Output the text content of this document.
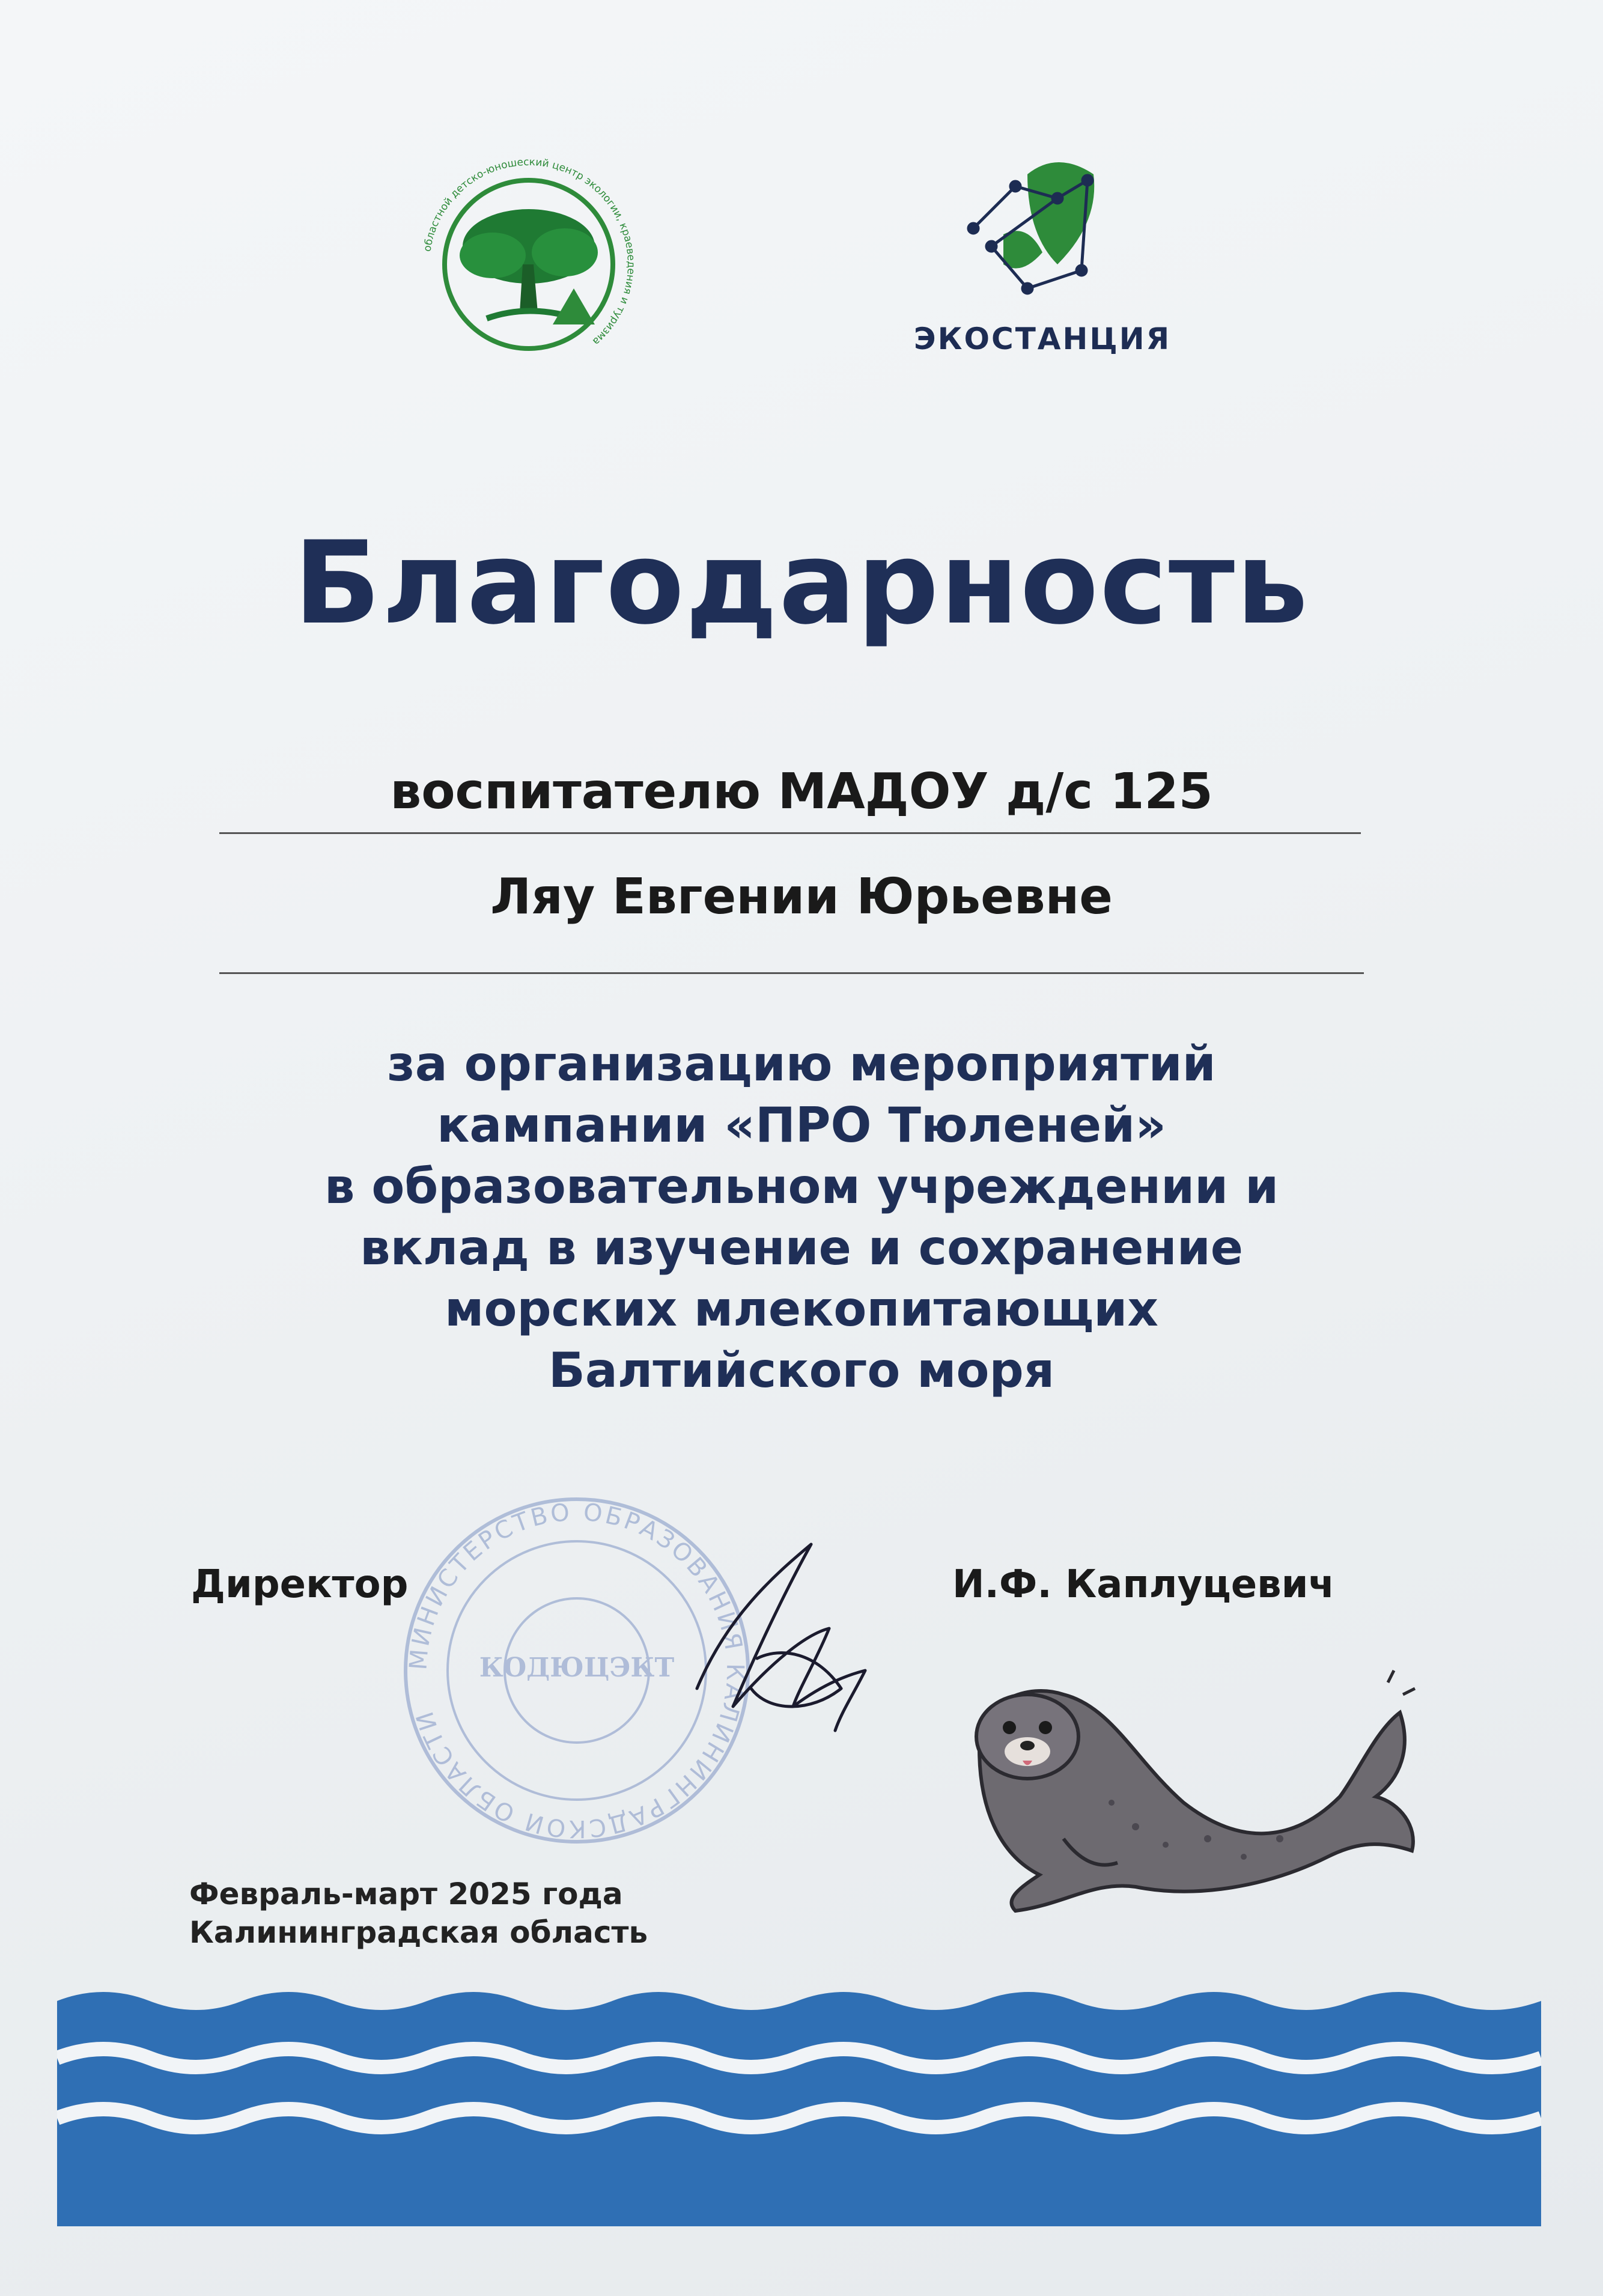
областной детско-юношеский центр экологии, краеведения и туризма	ЭКОСТАНЦИЯ
Благодарность
воспитателю МАДОУ д/с 125
Ляу Евгении Юрьевне
за организацию мероприятий
кампании «ПРО Тюленей»
в образовательном учреждении и
вклад в изучение и сохранение
морских млекопитающих
Балтийского моря
МИНИСТЕРСТВО ОБРАЗОВАНИЯ КАЛИНИНГРАДСКОЙ ОБЛАСТИ
КОДЮЦЭКТ
Директор	И.Ф. Каплуцевич
Февраль-март 2025 года
Калининградская область
